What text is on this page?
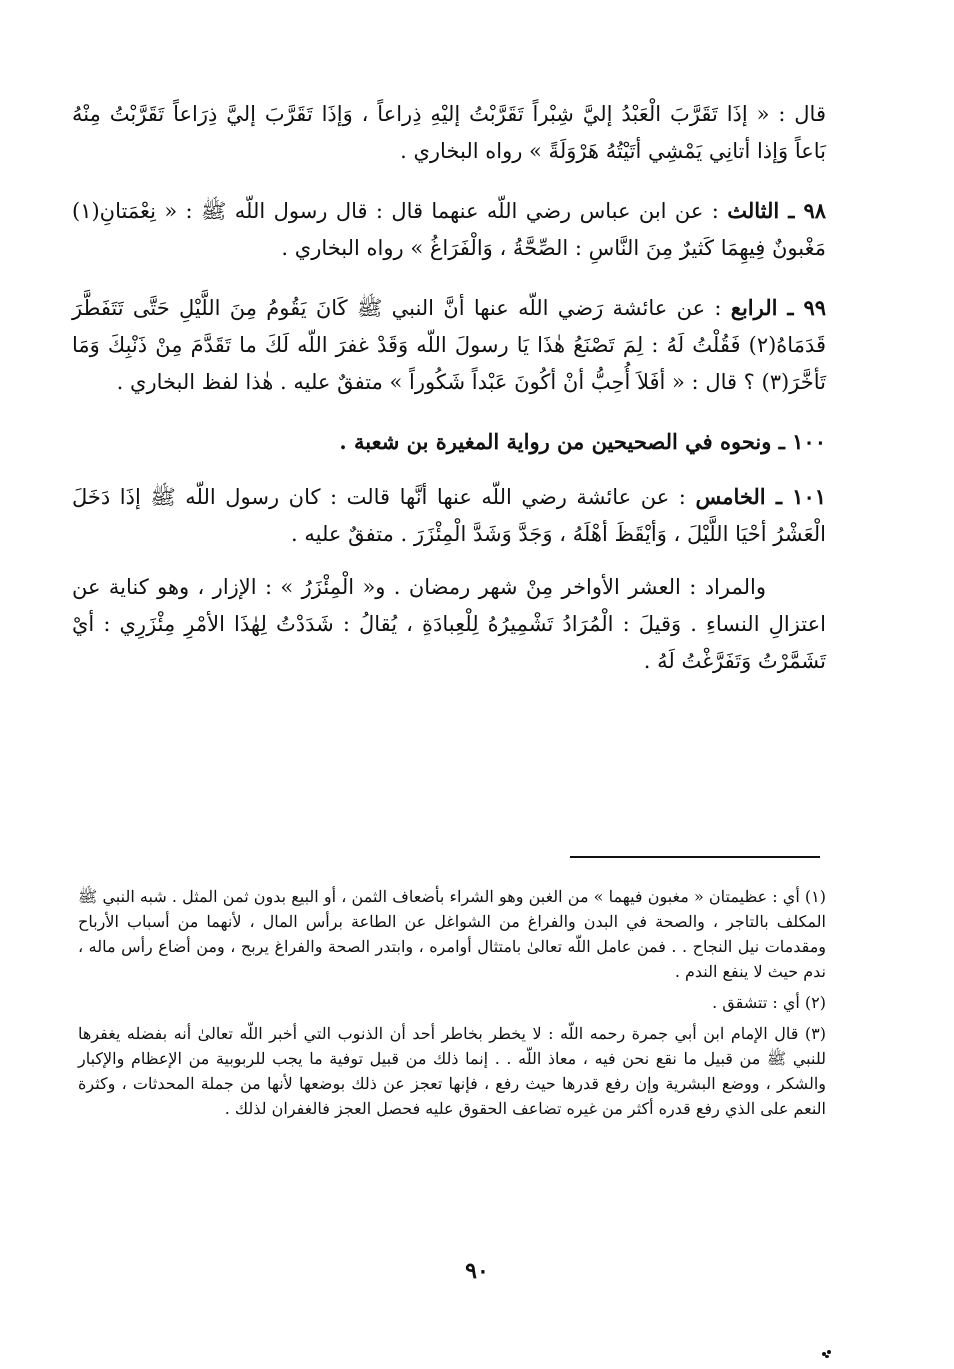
قال : « إذَا تَقَرَّبَ الْعَبْدُ إليَّ شِبْراً تَقَرَّبْتُ إليْهِ ذِراعاً ، وَإذَا تَقَرَّبَ إليَّ ذِرَاعاً تَقَرَّبْتُ مِنْهُ بَاعاً وَإذا أتانِي يَمْشِي أتَيْتُهُ هَرْوَلَةً » رواه البخاري .

٩٨ ـ الثالث : عن ابن عباس رضي اللّه عنهما قال : قال رسول اللّه ﷺ : « نِعْمَتانِ(١) مَغْبونٌ فِيهِمَا كَثيرٌ مِنَ النَّاسِ : الصِّحَّةُ ، وَالْفَرَاغُ » رواه البخاري .

٩٩ ـ الرابع : عن عائشة رَضي اللّه عنها أنَّ النبي ﷺ كَانَ يَقُومُ مِنَ اللَّيْلِ حَتَّى تَتَفَطَّرَ قَدَمَاهُ(٢) فَقُلْتُ لَهُ : لِمَ تَصْنَعُ هٰذَا يَا رسولَ اللّه وَقَدْ غفرَ اللّه لَكَ ما تَقَدَّمَ مِنْ ذَنْبِكَ وَمَا تَأخَّرَ(٣) ؟ قال : « أفَلاَ أُحِبُّ أنْ أكُونَ عَبْداً شَكُوراً » متفقٌ عليه . هٰذا لفظ البخاري .

١٠٠ ـ ونحوه في الصحيحين من رواية المغيرة بن شعبة .

١٠١ ـ الخامس : عن عائشة رضي اللّه عنها أنَّها قالت : كان رسول اللّه ﷺ إذَا دَخَلَ الْعَشْرُ أحْيَا اللَّيْلَ ، وَأيْقَظَ أهْلَهُ ، وَجَدَّ وَشَدَّ الْمِئْزَرَ . متفقٌ عليه .

والمراد : العشر الأواخر مِنْ شهر رمضان . و« الْمِئْزَرُ » : الإزار ، وهو كناية عن اعتزالِ النساءِ . وَقيلَ : الْمُرَادُ تَشْمِيرُهُ لِلْعِبادَةِ ، يُقالُ : شَدَدْتُ لِهٰذَا الأمْرِ مِئْزَرِي : أيْ تَشَمَّرْتُ وَتَفَرَّغْتُ لَهُ .

(١) أي : عظيمتان « مغبون فيهما » من الغبن وهو الشراء بأضعاف الثمن ، أو البيع بدون ثمن المثل . شبه النبي ﷺ المكلف بالتاجر ، والصحة في البدن والفراغ من الشواغل عن الطاعة برأس المال ، لأنهما من أسباب الأرباح ومقدمات نيل النجاح . . فمن عامل اللّه تعالىٰ بامتثال أوامره ، وابتدر الصحة والفراغ يربح ، ومن أضاع رأس ماله ، ندم حيث لا ينفع الندم .

(٢) أي : تتشقق .

(٣) قال الإمام ابن أبي جمرة رحمه اللّه : لا يخطر بخاطر أحد أن الذنوب التي أخبر اللّه تعالىٰ أنه بفضله يغفرها للنبي ﷺ من قبيل ما نقع نحن فيه ، معاذ اللّه . . إنما ذلك من قبيل توفية ما يجب للربوبية من الإعظام والإكبار والشكر ، ووضع البشرية وإن رفع قدرها حيث رفع ، فإنها تعجز عن ذلك بوضعها لأنها من جملة المحدثات ، وكثرة النعم على الذي رفع قدره أكثر من غيره تضاعف الحقوق عليه فحصل العجز فالغفران لذلك .

٩٠
